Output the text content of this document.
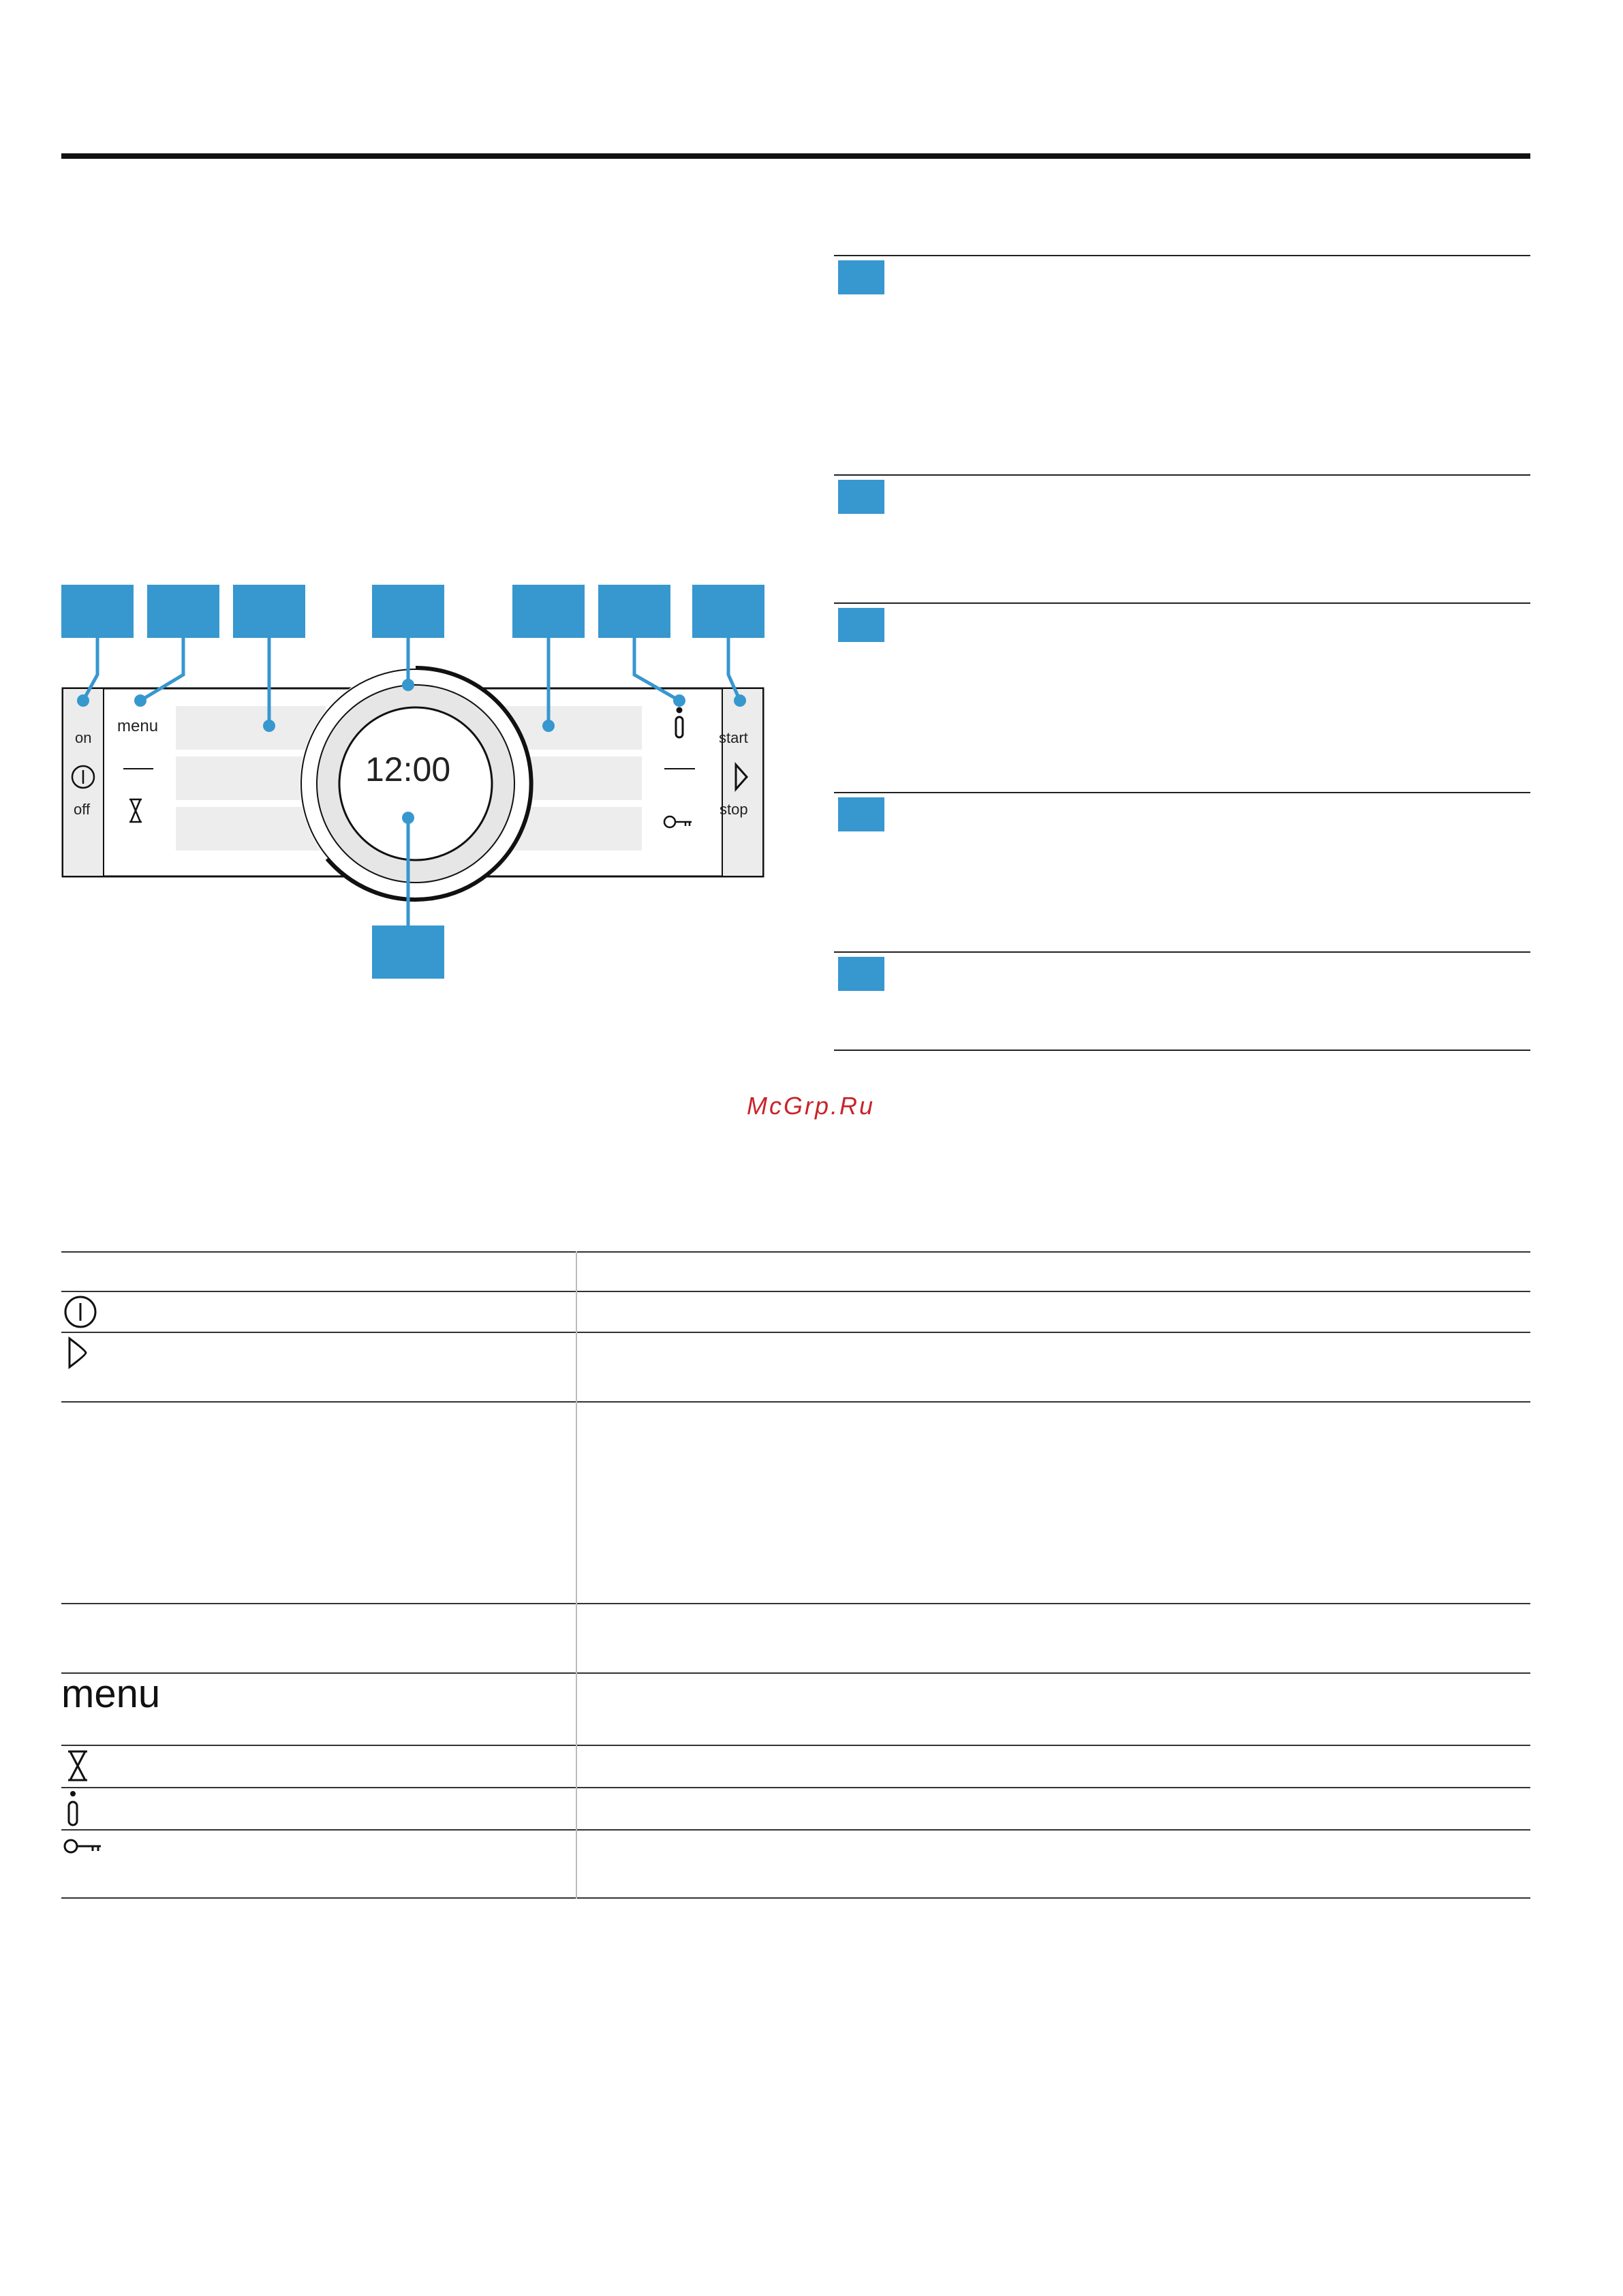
on
off
menu
12:00
start
stop
McGrp.Ru
menu
